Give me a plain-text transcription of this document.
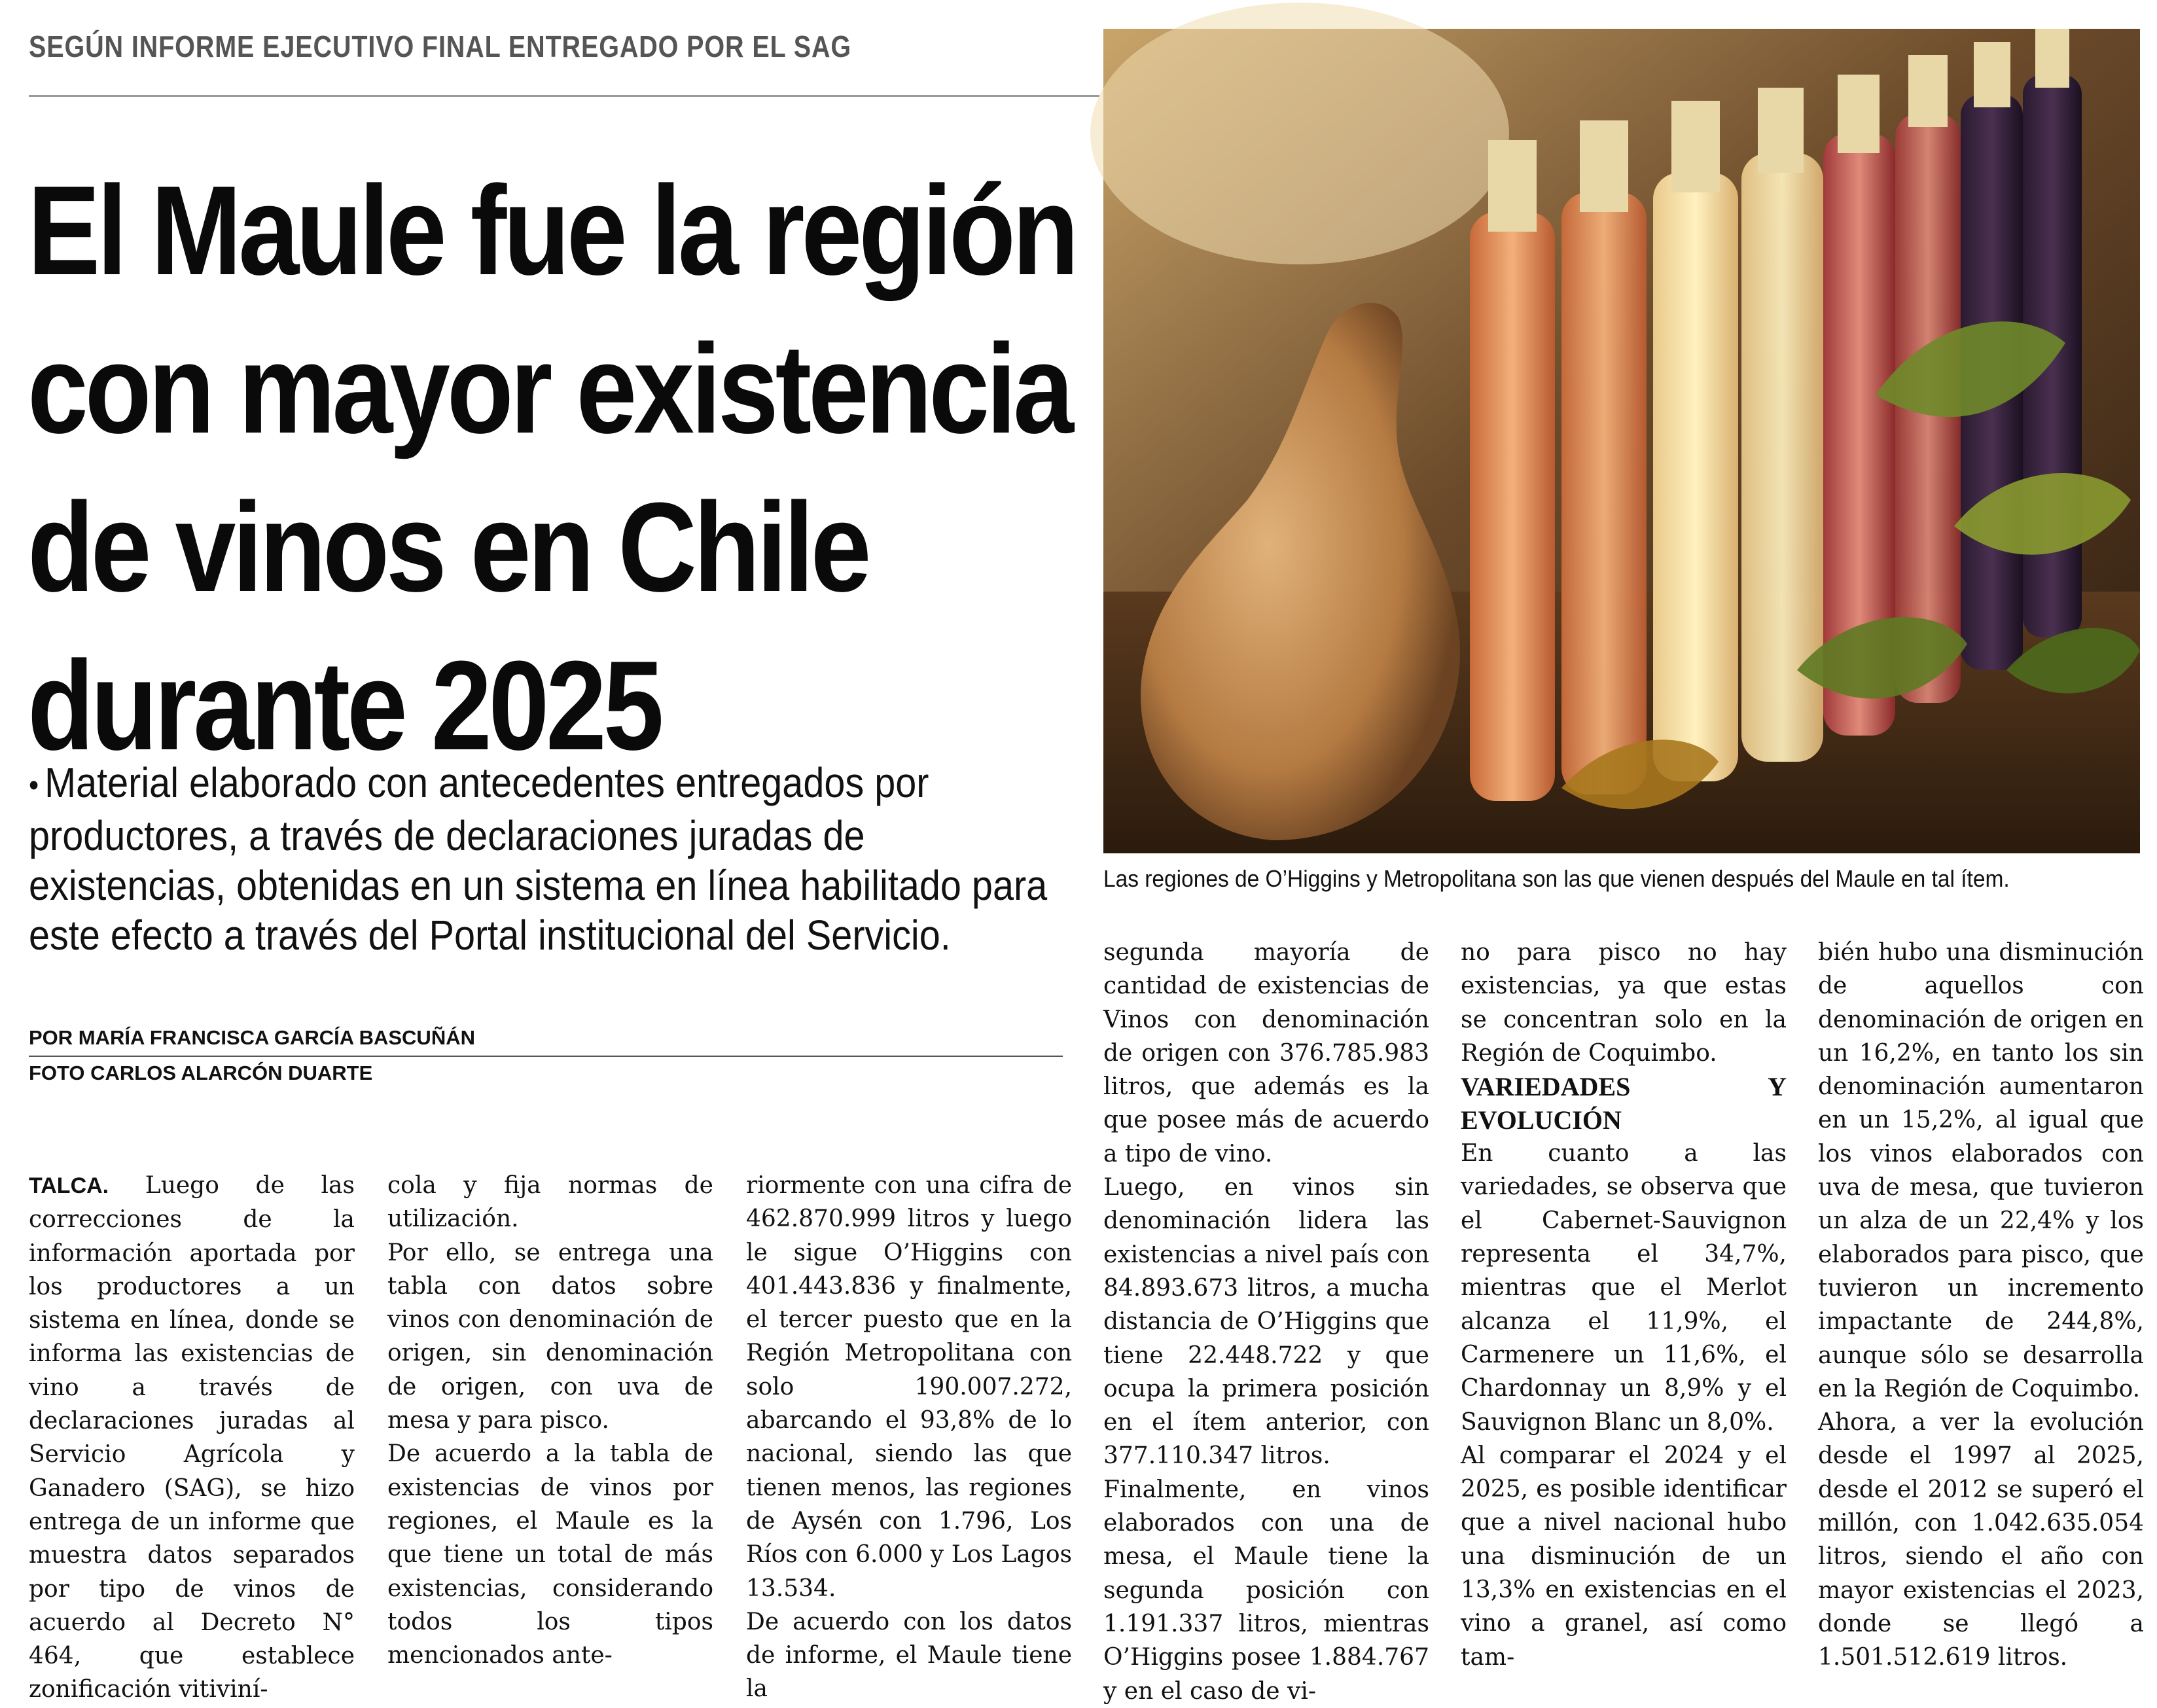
SEGÚN INFORME EJECUTIVO FINAL ENTREGADO POR EL SAG
El Maule fue la región
con mayor existencia
de vinos en Chile
durante 2025
• Material elaborado con antecedentes entregados por
productores, a través de declaraciones juradas de
existencias, obtenidas en un sistema en línea habilitado para
este efecto a través del Portal institucional del Servicio.
POR MARÍA FRANCISCA GARCÍA BASCUÑÁN
FOTO CARLOS ALARCÓN DUARTE
Las regiones de O’Higgins y Metropolitana son las que vienen después del Maule en tal ítem.

TALCA. Luego de las correcciones de la información aportada por los productores a un sistema en línea, donde se informa las existencias de vino a través de declaraciones juradas al Servicio Agrícola y Ganadero (SAG), se hizo entrega de un informe que muestra datos separados por tipo de vinos de acuerdo al Decreto N° 464, que establece zonificación vitiviní-

cola y fija normas de utilización.

Por ello, se entrega una tabla con datos sobre vinos con denominación de origen, sin denominación de origen, con uva de mesa y para pisco.

De acuerdo a la tabla de existencias de vinos por regiones, el Maule es la que tiene un total de más existencias, considerando todos los tipos mencionados ante-

riormente con una cifra de 462.870.999 litros y luego le sigue O’Higgins con 401.443.836 y finalmente, el tercer puesto que en la Región Metropolitana con solo 190.007.272, abarcando el 93,8% de lo nacional, siendo las que tienen menos, las regiones de Aysén con 1.796, Los Ríos con 6.000 y Los Lagos 13.534.

De acuerdo con los datos de informe, el Maule tiene la

segunda mayoría de cantidad de existencias de Vinos con denominación de origen con 376.785.983 litros, que además es la que posee más de acuerdo a tipo de vino.

Luego, en vinos sin denominación lidera las existencias a nivel país con 84.893.673 litros, a mucha distancia de O’Higgins que tiene 22.448.722 y que ocupa la primera posición en el ítem anterior, con 377.110.347 litros.

Finalmente, en vinos elaborados con una de mesa, el Maule tiene la segunda posición con 1.191.337 litros, mientras O’Higgins posee 1.884.767 y en el caso de vi-

no para pisco no hay existencias, ya que estas se concentran solo en la Región de Coquimbo.

VARIEDADES Y EVOLUCIÓN

En cuanto a las variedades, se observa que el Cabernet-Sauvignon representa el 34,7%, mientras que el Merlot alcanza el 11,9%, el Carmenere un 11,6%, el Chardonnay un 8,9% y el Sauvignon Blanc un 8,0%.

Al comparar el 2024 y el 2025, es posible identificar que a nivel nacional hubo una disminución de un 13,3% en existencias en el vino a granel, así como tam-

bién hubo una disminución de aquellos con denominación de origen en un 16,2%, en tanto los sin denominación aumentaron en un 15,2%, al igual que los vinos elaborados con uva de mesa, que tuvieron un alza de un 22,4% y los elaborados para pisco, que tuvieron un incremento impactante de 244,8%, aunque sólo se desarrolla en la Región de Coquimbo.

Ahora, a ver la evolución desde el 1997 al 2025, desde el 2012 se superó el millón, con 1.042.635.054 litros, siendo el año con mayor existencias el 2023, donde se llegó a 1.501.512.619 litros.
